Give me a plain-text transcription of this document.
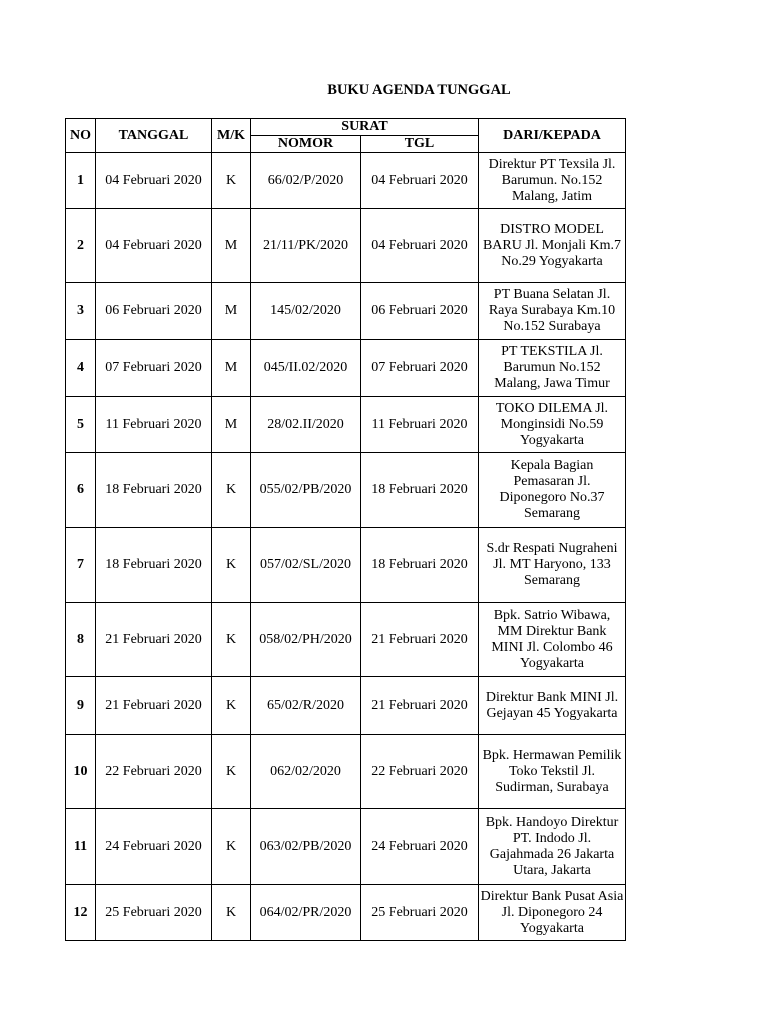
BUKU AGENDA TUNGGAL
NO	TANGGAL	M/K	SURAT		DARI/KEPADA
			NOMOR	TGL	
1	04 Februari 2020	K	66/02/P/2020	04 Februari 2020	Direktur PT Texsila Jl. Barumun. No.152 Malang, Jatim
2	04 Februari 2020	M	21/11/PK/2020	04 Februari 2020	DISTRO MODEL BARU Jl. Monjali Km.7 No.29 Yogyakarta
3	06 Februari 2020	M	145/02/2020	06 Februari 2020	PT Buana Selatan Jl. Raya Surabaya Km.10 No.152 Surabaya
4	07 Februari 2020	M	045/II.02/2020	07 Februari 2020	PT TEKSTILA Jl. Barumun No.152 Malang, Jawa Timur
5	11 Februari 2020	M	28/02.II/2020	11 Februari 2020	TOKO DILEMA Jl. Monginsidi No.59 Yogyakarta
6	18 Februari 2020	K	055/02/PB/2020	18 Februari 2020	Kepala Bagian Pemasaran Jl. Diponegoro No.37 Semarang
7	18 Februari 2020	K	057/02/SL/2020	18 Februari 2020	S.dr Respati Nugraheni Jl. MT Haryono, 133 Semarang
8	21 Februari 2020	K	058/02/PH/2020	21 Februari 2020	Bpk. Satrio Wibawa, MM Direktur Bank MINI Jl. Colombo 46 Yogyakarta
9	21 Februari 2020	K	65/02/R/2020	21 Februari 2020	Direktur Bank MINI Jl. Gejayan 45 Yogyakarta
10	22 Februari 2020	K	062/02/2020	22 Februari 2020	Bpk. Hermawan Pemilik Toko Tekstil Jl. Sudirman, Surabaya
11	24 Februari 2020	K	063/02/PB/2020	24 Februari 2020	Bpk. Handoyo Direktur PT. Indodo Jl. Gajahmada 26 Jakarta Utara, Jakarta
12	25 Februari 2020	K	064/02/PR/2020	25 Februari 2020	Direktur Bank Pusat Asia Jl. Diponegoro 24 Yogyakarta
